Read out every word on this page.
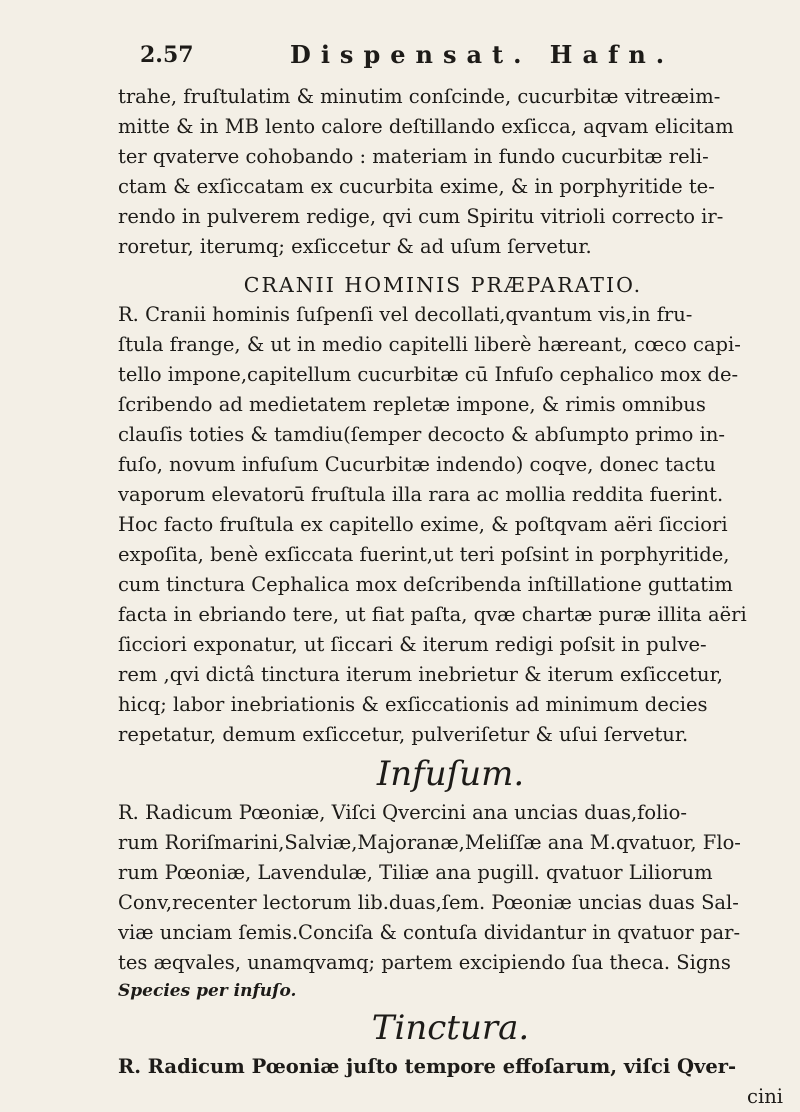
2.57	Dispensat. Hafn.
trahe, fruſtulatim & minutim conſcinde, cucurbitæ vitreæim-
mitte & in MB lento calore deſtillando exſicca, aqvam elicitam
ter qvaterve cohobando : materiam in fundo cucurbitæ reli-
ctam & exſiccatam ex cucurbita exime, & in porphyritide te-
rendo in pulverem redige, qvi cum Spiritu vitrioli correcto ir-
roretur, iterumq; exſiccetur & ad uſum ſervetur.
CRANII HOMINIS PRÆPARATIO.
R. Cranii hominis ſuſpenſi vel decollati,qvantum vis,in fru-
ſtula frange, & ut in medio capitelli liberè hæreant, cœco capi-
tello impone,capitellum cucurbitæ cū Infuſo cephalico mox de-
ſcribendo ad medietatem repletæ impone, & rimis omnibus
clauſis toties & tamdiu(ſemper decocto & abſumpto primo in-
fuſo, novum infuſum Cucurbitæ indendo) coqve, donec tactu
vaporum elevatorū fruſtula illa rara ac mollia reddita fuerint.
Hoc facto fruſtula ex capitello exime, & poſtqvam aëri ſicciori
expoſita, benè exſiccata fuerint,ut teri poſsint in porphyritide,
cum tinctura Cephalica mox deſcribenda inſtillatione guttatim
facta in ebriando tere, ut fiat paſta, qvæ chartæ puræ illita aëri
ſicciori exponatur, ut ſiccari & iterum redigi poſsit in pulve-
rem ,qvi dictâ tinctura iterum inebrietur & iterum exſiccetur,
hicq; labor inebriationis & exſiccationis ad minimum decies
repetatur, demum exſiccetur, pulveriſetur & uſui ſervetur.
Infuſum.
R. Radicum Pœoniæ, Viſci Qvercini ana uncias duas,folio-
rum Roriſmarini,Salviæ,Majoranæ,Meliſſæ ana M.qvatuor, Flo-
rum Pœoniæ, Lavendulæ, Tiliæ ana pugill. qvatuor Liliorum
Conv,recenter lectorum lib.duas,ſem. Pœoniæ uncias duas Sal-
viæ unciam ſemis.Conciſa & contuſa dividantur in qvatuor par-
tes æqvales, unamqvamq; partem excipiendo ſua theca. Signs
Species per infuſo.
Tinctura.
R. Radicum Pœoniæ juſto tempore effoſarum, viſci Qver-
cini
